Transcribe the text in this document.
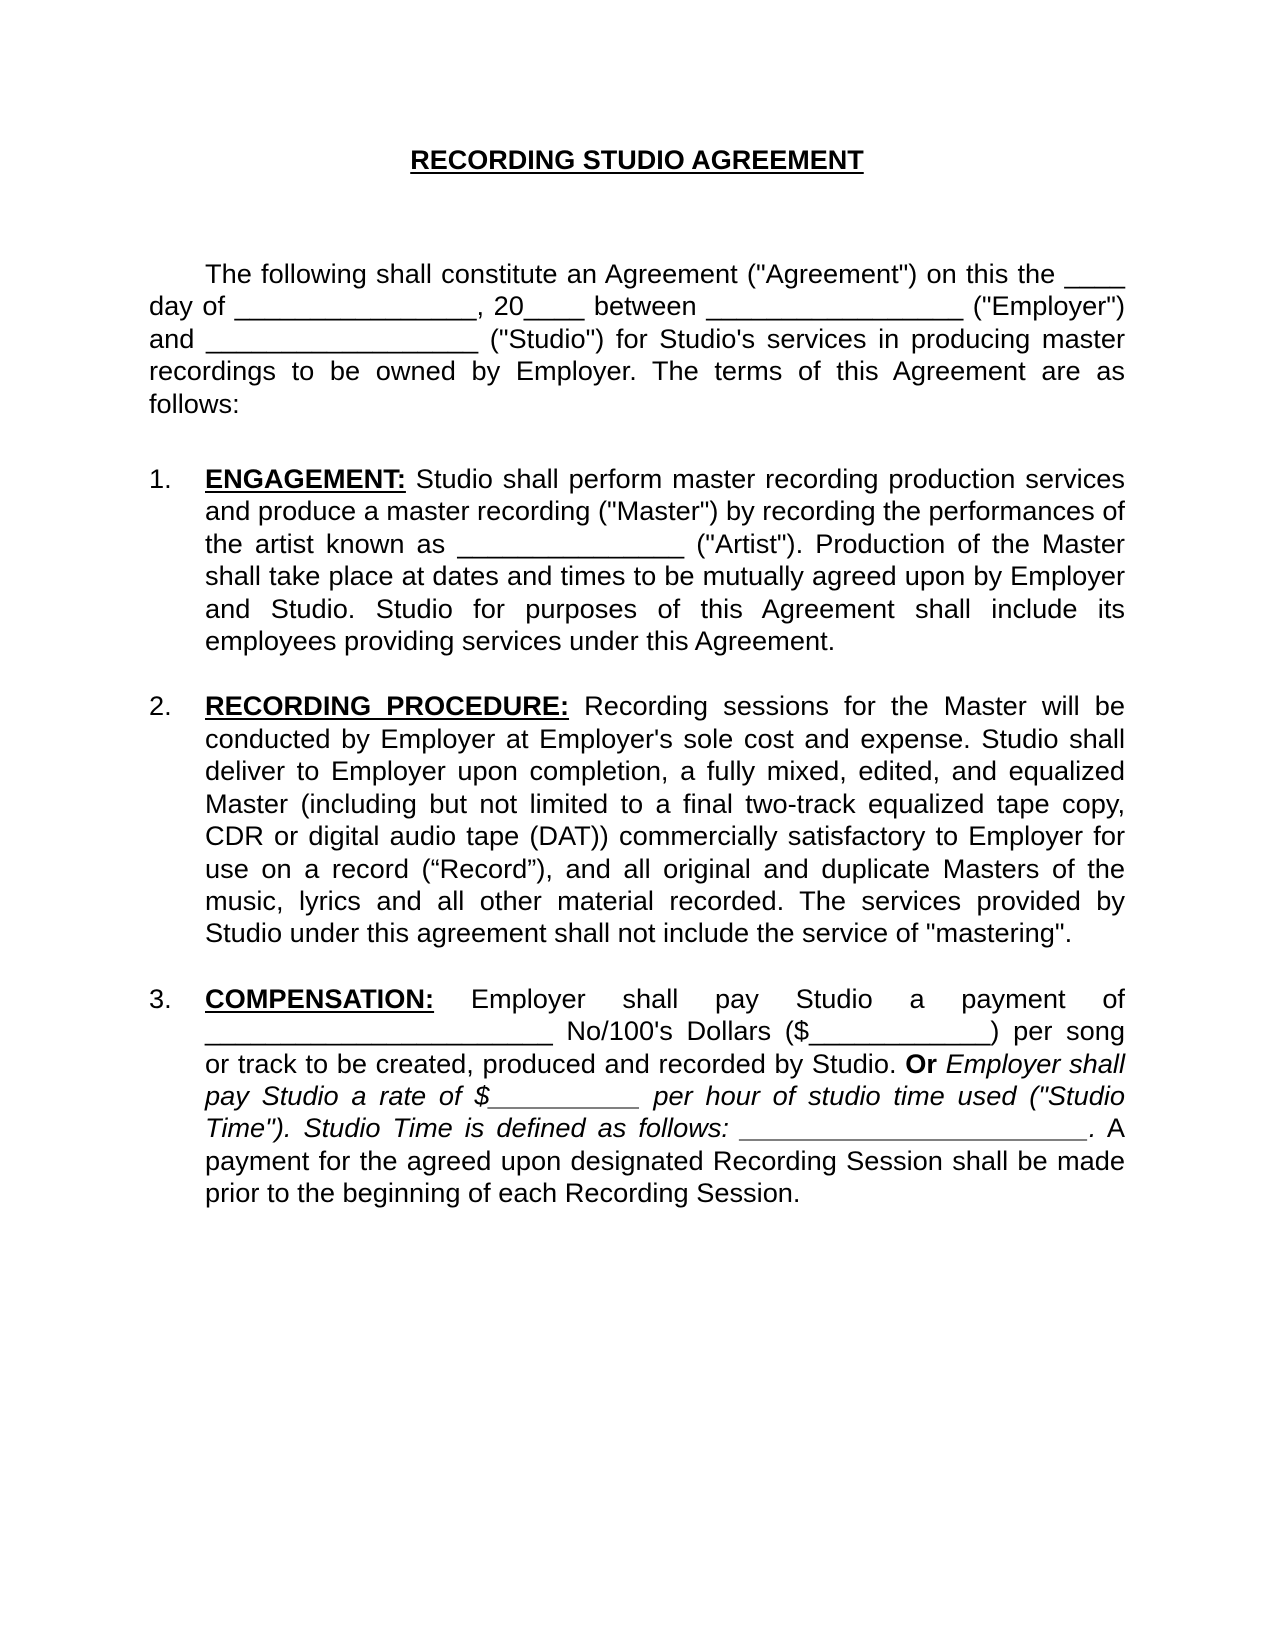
RECORDING STUDIO AGREEMENT

The following shall constitute an Agreement ("Agreement") on this the ____ day of ________________, 20____ between _________________ ("Employer") and __________________ ("Studio") for Studio's services in producing master recordings to be owned by Employer. The terms of this Agreement are as follows:

1. ENGAGEMENT: Studio shall perform master recording production services and produce a master recording ("Master") by recording the performances of the artist known as _______________ ("Artist"). Production of the Master shall take place at dates and times to be mutually agreed upon by Employer and Studio. Studio for purposes of this Agreement shall include its employees providing services under this Agreement.
2. RECORDING PROCEDURE: Recording sessions for the Master will be conducted by Employer at Employer's sole cost and expense. Studio shall deliver to Employer upon completion, a fully mixed, edited, and equalized Master (including but not limited to a final two-track equalized tape copy, CDR or digital audio tape (DAT)) commercially satisfactory to Employer for use on a record (“Record”), and all original and duplicate Masters of the music, lyrics and all other material recorded. The services provided by Studio under this agreement shall not include the service of "mastering".
3. COMPENSATION: Employer shall pay Studio a payment of _______________________ No/100's Dollars ($____________) per song or track to be created, produced and recorded by Studio. Or Employer shall pay Studio a rate of $__________ per hour of studio time used ("Studio Time"). Studio Time is defined as follows: _______________________. A payment for the agreed upon designated Recording Session shall be made prior to the beginning of each Recording Session.
